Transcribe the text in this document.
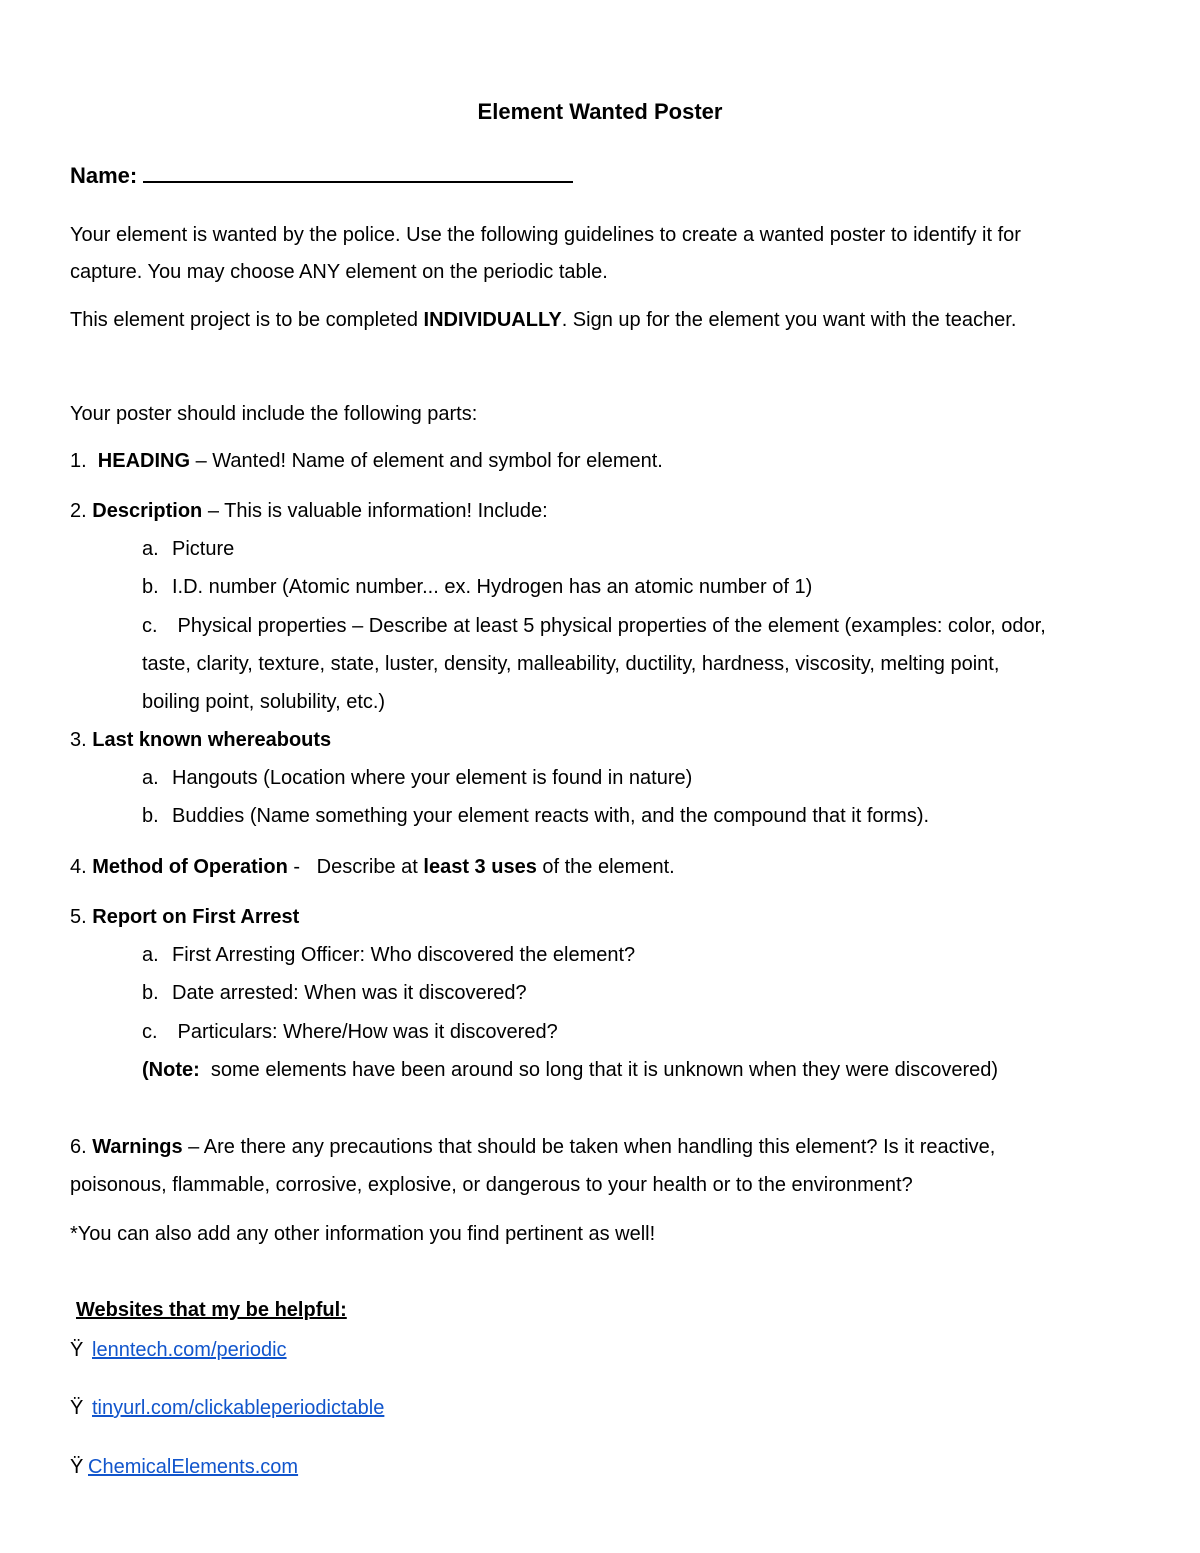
Element Wanted Poster
Name:
Your element is wanted by the police. Use the following guidelines to create a wanted poster to identify it for
capture. You may choose ANY element on the periodic table.
This element project is to be completed INDIVIDUALLY. Sign up for the element you want with the teacher.
Your poster should include the following parts:
1.  HEADING – Wanted! Name of element and symbol for element.
2. Description – This is valuable information! Include:
a. Picture
b. I.D. number (Atomic number... ex. Hydrogen has an atomic number of 1)
c. Physical properties – Describe at least 5 physical properties of the element (examples: color, odor,
taste, clarity, texture, state, luster, density, malleability, ductility, hardness, viscosity, melting point,
boiling point, solubility, etc.)
3. Last known whereabouts
a. Hangouts (Location where your element is found in nature)
b. Buddies (Name something your element reacts with, and the compound that it forms).
4. Method of Operation -   Describe at least 3 uses of the element.
5. Report on First Arrest
a. First Arresting Officer: Who discovered the element?
b. Date arrested: When was it discovered?
c. Particulars: Where/How was it discovered?
(Note:  some elements have been around so long that it is unknown when they were discovered)
6. Warnings – Are there any precautions that should be taken when handling this element? Is it reactive,
poisonous, flammable, corrosive, explosive, or dangerous to your health or to the environment?
*You can also add any other information you find pertinent as well!
Websites that my be helpful:
Ÿ lenntech.com/periodic
Ÿ tinyurl.com/clickableperiodictable
Ÿ ChemicalElements.com
